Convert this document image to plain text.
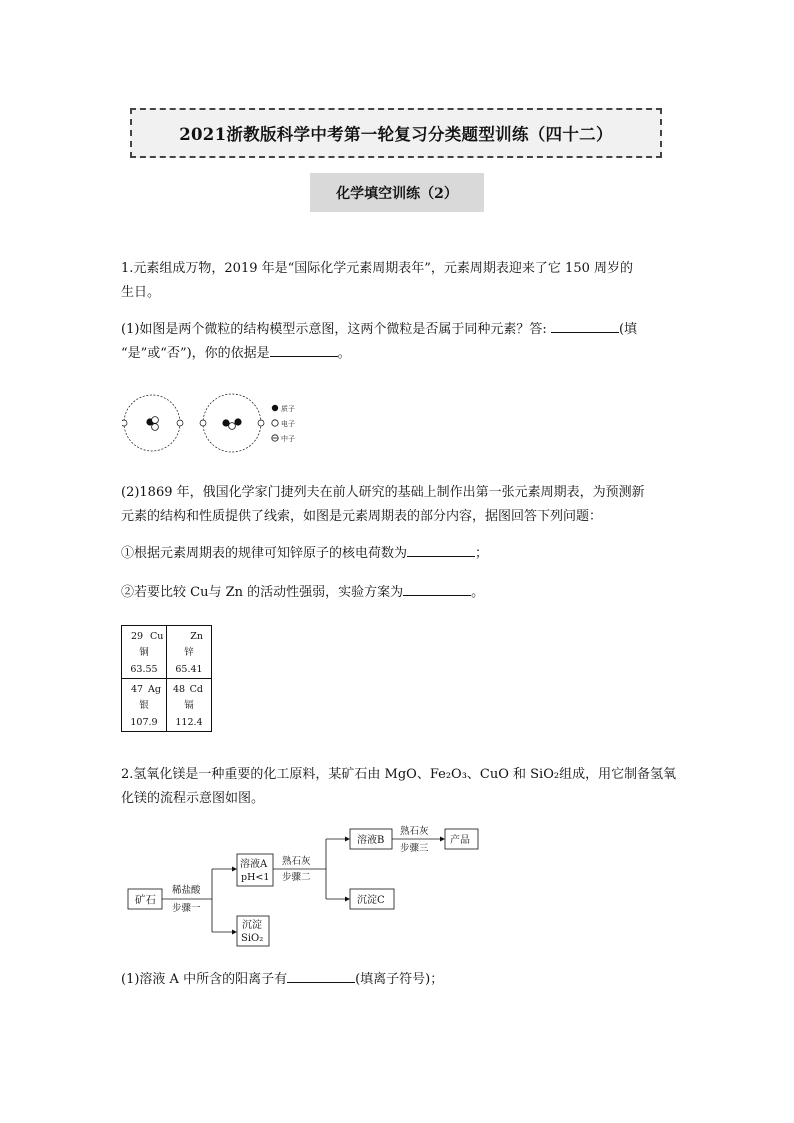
2021浙教版科学中考第一轮复习分类题型训练（四十二）
化学填空训练（2）
1.元素组成万物，2019 年是“国际化学元素周期表年”，元素周期表迎来了它 150 周岁的
生日。
(1)如图是两个微粒的结构模型示意图，这两个微粒是否属于同种元素？答:	(填
“是”或“否”)，你的依据是	。
质子
电子
中子
(2)1869 年，俄国化学家门捷列夫在前人研究的基础上制作出第一张元素周期表，为预测新
元素的结构和性质提供了线索，如图是元素周期表的部分内容，据图回答下列问题：
①根据元素周期表的规律可知锌原子的核电荷数为	；
②若要比较 Cu与 Zn 的活动性强弱，实验方案为	。
29 Cu
铜
63.55	Zn
锌
65.41

47 Ag
银
107.9	48 Cd
镉
112.4
2.氢氧化镁是一种重要的化工原料，某矿石由 MgO、Fe₂O₃、CuO 和 SiO₂组成，用它制备氢氧
化镁的流程示意图如图。
矿石
稀盐酸
步骤一
溶液A
pH<1
沉淀
SiO₂
熟石灰
步骤二
溶液B
沉淀C
熟石灰
步骤三
产品
(1)溶液 A 中所含的阳离子有	(填离子符号)；
